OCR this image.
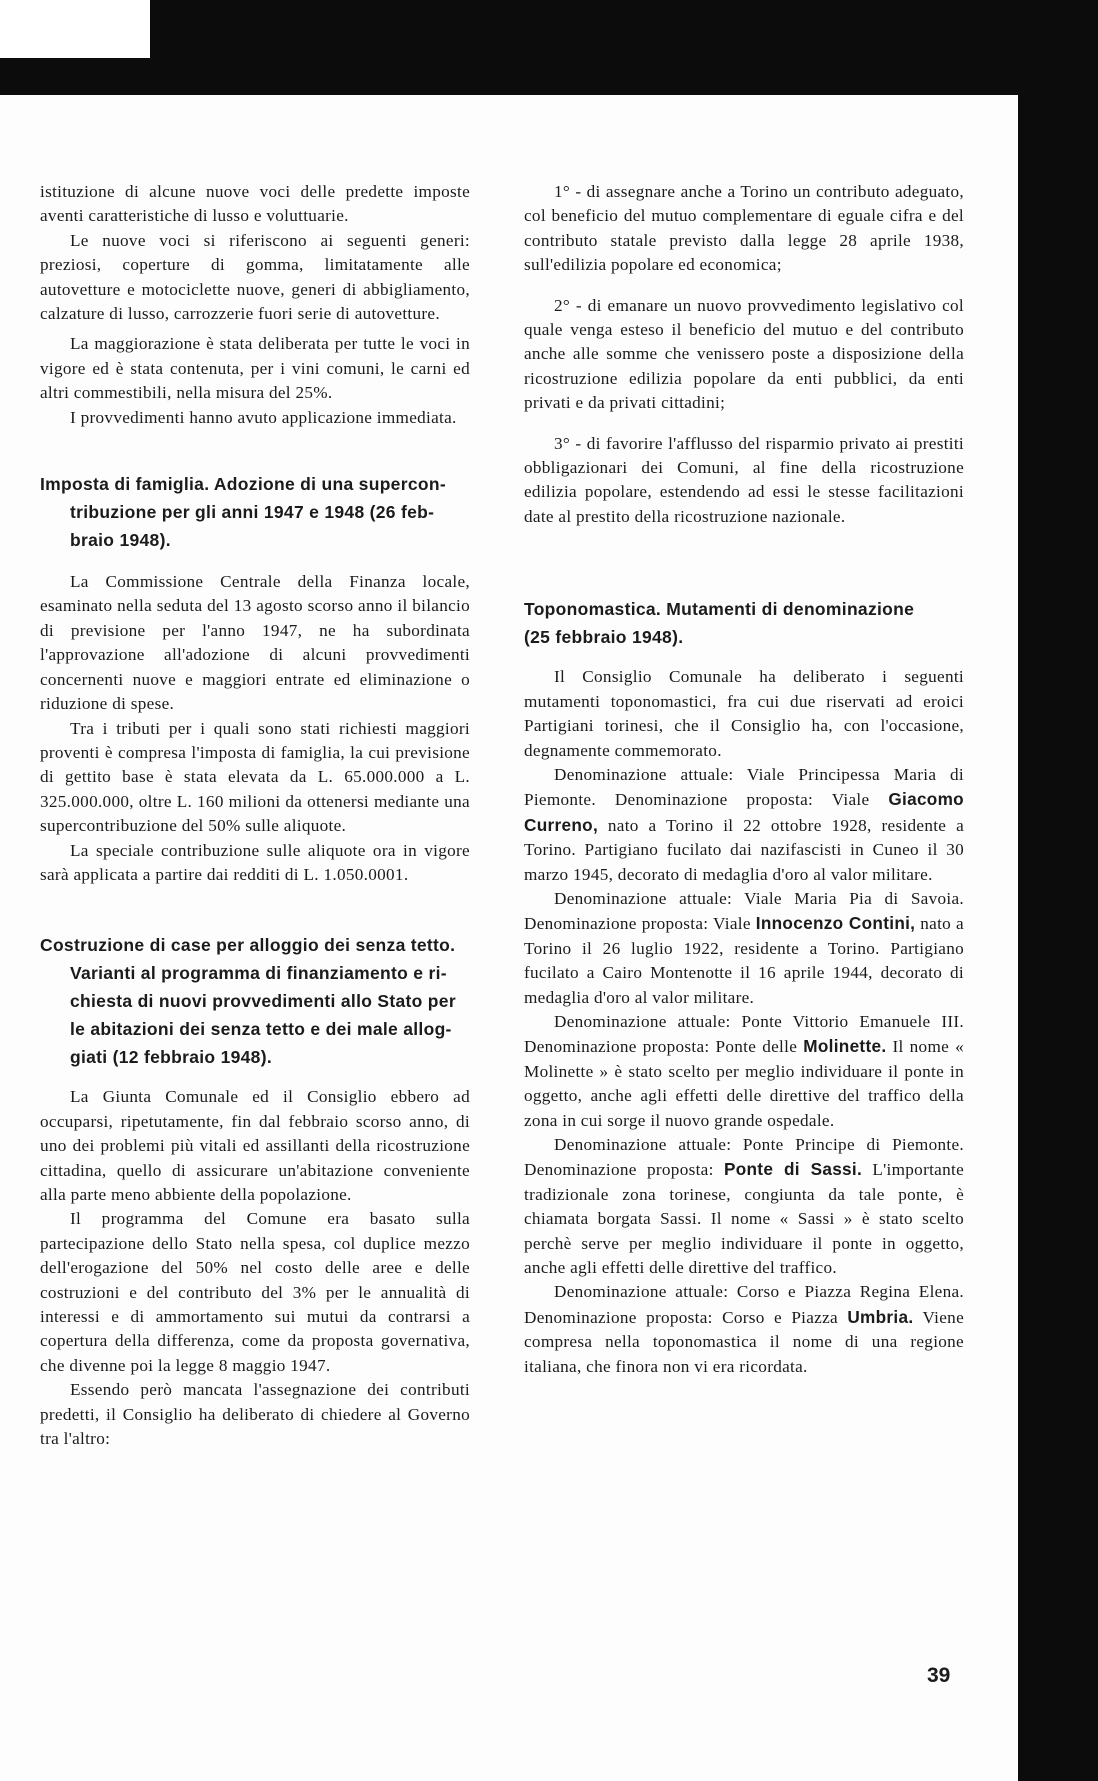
istituzione di alcune nuove voci delle predette imposte aventi caratteristiche di lusso e voluttuarie.

Le nuove voci si riferiscono ai seguenti generi: preziosi, coperture di gomma, limitatamente alle autovetture e motociclette nuove, generi di abbigliamento, calzature di lusso, carrozzerie fuori serie di autovetture.

La maggiorazione è stata deliberata per tutte le voci in vigore ed è stata contenuta, per i vini comuni, le carni ed altri commestibili, nella misura del 25%.

I provvedimenti hanno avuto applicazione immediata.

Imposta di famiglia. Adozione di una supercon-
tribuzione per gli anni 1947 e 1948 (26 feb-
braio 1948).

La Commissione Centrale della Finanza locale, esaminato nella seduta del 13 agosto scorso anno il bilancio di previsione per l'anno 1947, ne ha subordinata l'approvazione all'adozione di alcuni provvedimenti concernenti nuove e maggiori entrate ed eliminazione o riduzione di spese.

Tra i tributi per i quali sono stati richiesti maggiori proventi è compresa l'imposta di famiglia, la cui previsione di gettito base è stata elevata da L. 65.000.000 a L. 325.000.000, oltre L. 160 milioni da ottenersi mediante una supercontribuzione del 50% sulle aliquote.

La speciale contribuzione sulle aliquote ora in vigore sarà applicata a partire dai redditi di L. 1.050.0001.

Costruzione di case per alloggio dei senza tetto.
Varianti al programma di finanziamento e ri-
chiesta di nuovi provvedimenti allo Stato per
le abitazioni dei senza tetto e dei male allog-
giati (12 febbraio 1948).

La Giunta Comunale ed il Consiglio ebbero ad occuparsi, ripetutamente, fin dal febbraio scorso anno, di uno dei problemi più vitali ed assillanti della ricostruzione cittadina, quello di assicurare un'abitazione conveniente alla parte meno abbiente della popolazione.

Il programma del Comune era basato sulla partecipazione dello Stato nella spesa, col duplice mezzo dell'erogazione del 50% nel costo delle aree e delle costruzioni e del contributo del 3% per le annualità di interessi e di ammortamento sui mutui da contrarsi a copertura della differenza, come da proposta governativa, che divenne poi la legge 8 maggio 1947.

Essendo però mancata l'assegnazione dei contributi predetti, il Consiglio ha deliberato di chiedere al Governo tra l'altro:

1° - di assegnare anche a Torino un contributo adeguato, col beneficio del mutuo complementare di eguale cifra e del contributo statale previsto dalla legge 28 aprile 1938, sull'edilizia popolare ed economica;

2° - di emanare un nuovo provvedimento legislativo col quale venga esteso il beneficio del mutuo e del contributo anche alle somme che venissero poste a disposizione della ricostruzione edilizia popolare da enti pubblici, da enti privati e da privati cittadini;

3° - di favorire l'afflusso del risparmio privato ai prestiti obbligazionari dei Comuni, al fine della ricostruzione edilizia popolare, estendendo ad essi le stesse facilitazioni date al prestito della ricostruzione nazionale.

Toponomastica. Mutamenti di denominazione
(25 febbraio 1948).

Il Consiglio Comunale ha deliberato i seguenti mutamenti toponomastici, fra cui due riservati ad eroici Partigiani torinesi, che il Consiglio ha, con l'occasione, degnamente commemorato.

Denominazione attuale: Viale Principessa Maria di Piemonte. Denominazione proposta: Viale Giacomo Curreno, nato a Torino il 22 ottobre 1928, residente a Torino. Partigiano fucilato dai nazifascisti in Cuneo il 30 marzo 1945, decorato di medaglia d'oro al valor militare.

Denominazione attuale: Viale Maria Pia di Savoia. Denominazione proposta: Viale Innocenzo Contini, nato a Torino il 26 luglio 1922, residente a Torino. Partigiano fucilato a Cairo Montenotte il 16 aprile 1944, decorato di medaglia d'oro al valor militare.

Denominazione attuale: Ponte Vittorio Emanuele III. Denominazione proposta: Ponte delle Molinette. Il nome « Molinette » è stato scelto per meglio individuare il ponte in oggetto, anche agli effetti delle direttive del traffico della zona in cui sorge il nuovo grande ospedale.

Denominazione attuale: Ponte Principe di Piemonte. Denominazione proposta: Ponte di Sassi. L'importante tradizionale zona torinese, congiunta da tale ponte, è chiamata borgata Sassi. Il nome « Sassi » è stato scelto perchè serve per meglio individuare il ponte in oggetto, anche agli effetti delle direttive del traffico.

Denominazione attuale: Corso e Piazza Regina Elena. Denominazione proposta: Corso e Piazza Umbria. Viene compresa nella toponomastica il nome di una regione italiana, che finora non vi era ricordata.

39
